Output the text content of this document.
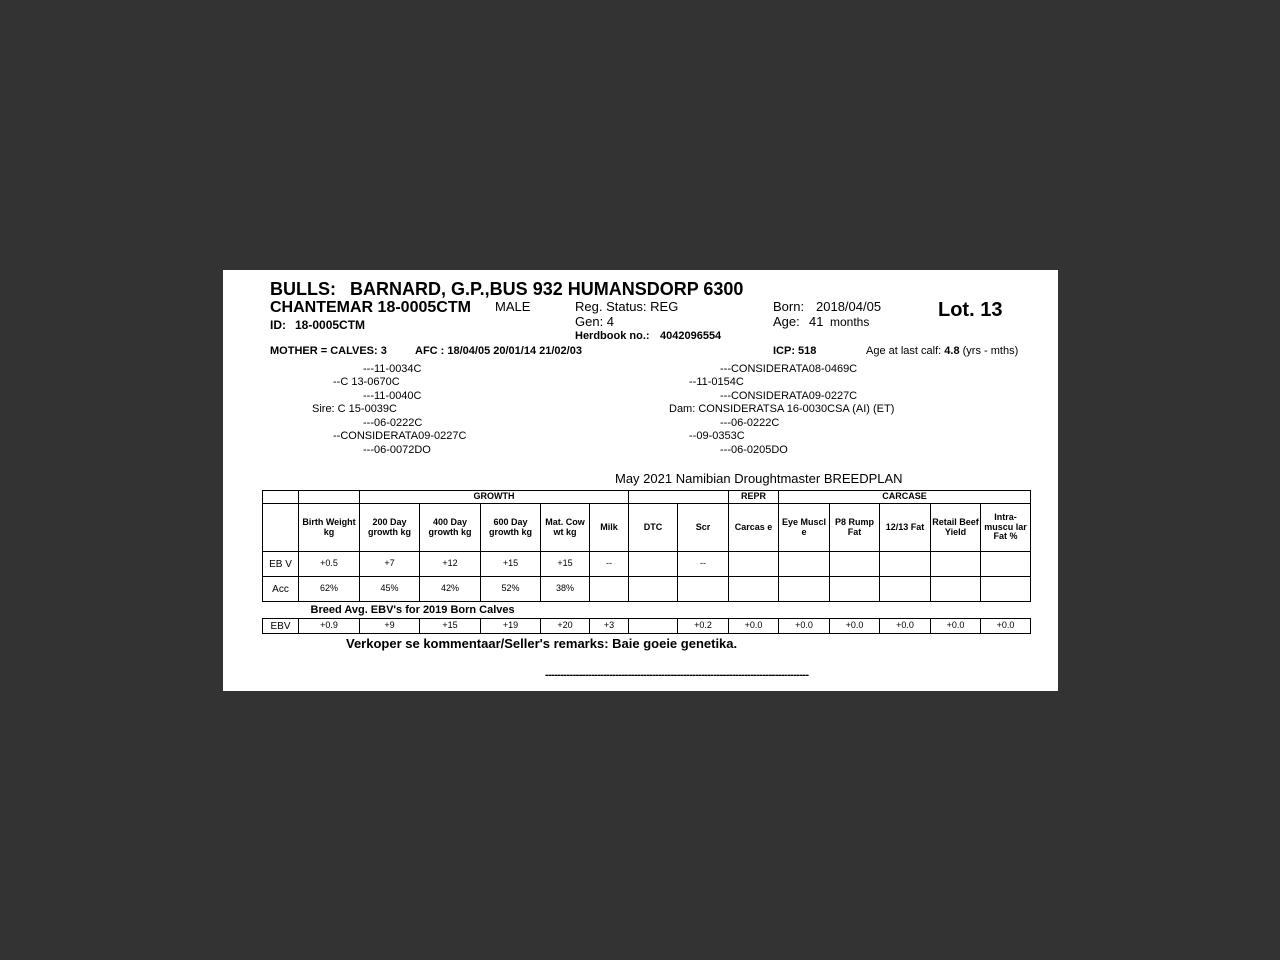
BULLS: BARNARD, G.P.,BUS 932 HUMANSDORP 6300
CHANTEMAR 18-0005CTM MALE	Reg. Status: REG	Born: 2018/04/05	Lot. 13
ID: 18-0005CTM	Gen: 4	Age: 41 months
Herdbook no.: 4042096554
MOTHER = CALVES: 3	AFC : 18/04/05 20/01/14 21/02/03	ICP: 518	Age at last calf: 4.8 (yrs - mths)
---11-0034C
--C 13-0670C
---11-0040C
Sire: C 15-0039C
---06-0222C
--CONSIDERATA09-0227C
---06-0072DO
---CONSIDERATA08-0469C
--11-0154C
---CONSIDERATA09-0227C
Dam: CONSIDERATSA 16-0030CSA (AI) (ET)
---06-0222C
--09-0353C
---06-0205DO
May 2021 Namibian Droughtmaster BREEDPLAN
		GROWTH							REPR	CARCASE				
	Birth Weight kg	200 Day growth kg	400 Day growth kg	600 Day growth kg	Mat. Cow wt kg	Milk	DTC	Scr	Carcas e	Eye Muscl e	P8 Rump Fat	12/13 Fat	Retail Beef Yield	Intra- muscu lar Fat %
EB V	+0.5	+7	+12	+15	+15	--		--						
Acc	62%	45%	42%	52%	38%									
Breed Avg. EBV's for 2019 Born Calves														
EBV	+0.9	+9	+15	+19	+20	+3		+0.2	+0.0	+0.0	+0.0	+0.0	+0.0	+0.0
Verkoper se kommentaar/Seller's remarks: Baie goeie genetika.
--------------------------------------------------------------------------------------
